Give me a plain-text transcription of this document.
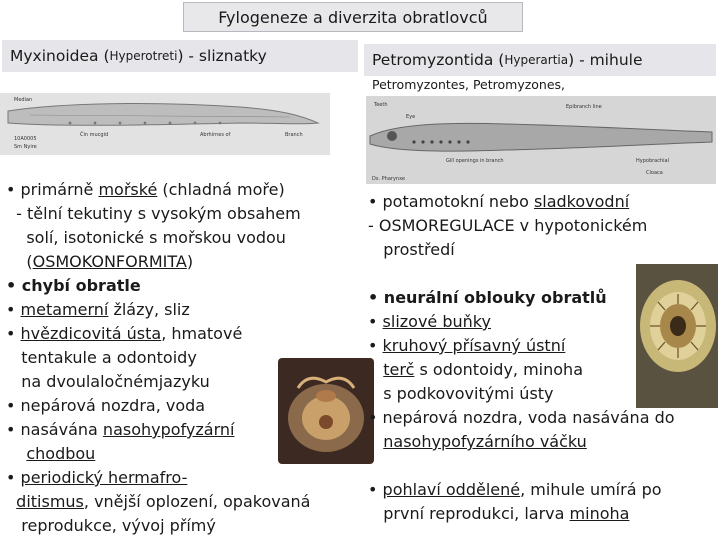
Fylogeneze a diverzita obratlovců
Myxinoidea ( Hyperotreti ) - sliznatky	Petromyzontida ( Hyperartia ) - mihule
Petromyzontes, Petromyzones,
Median
Čin mucgid	Abrhirnes of	Branch
10A0005
Sm Nyire
Teeth
Eye
Epibranch line
Gill openings in branch	Hypobrachial
Cloaca
Ds. Pharynxe
• primárně mořské (chladná moře)
- tělní tekutiny s vysokým obsahem
solí, isotonické s mořskou vodou
(OSMOKONFORMITA)
• chybí obratle
• metamerní žlázy, sliz
• hvězdicovitá ústa, hmatové
tentakule a odontoidy
na dvoulaločnémjazyku
• nepárová nozdra, voda
• nasávána nasohypofyzární
chodbou
• periodický hermafro-
ditismus, vnější oplození, opakovaná
reprodukce, vývoj přímý
• potamotokní nebo sladkovodní
- OSMOREGULACE v hypotonickém
prostředí
• neurální oblouky obratlů
• slizové buňky
• kruhový přísavný ústní
terč s odontoidy, minoha
s podkovovitými ústy
• nepárová nozdra, voda nasávána do
nasohypofyzárního váčku
• pohlaví oddělené, mihule umírá po
první reprodukci, larva minoha
